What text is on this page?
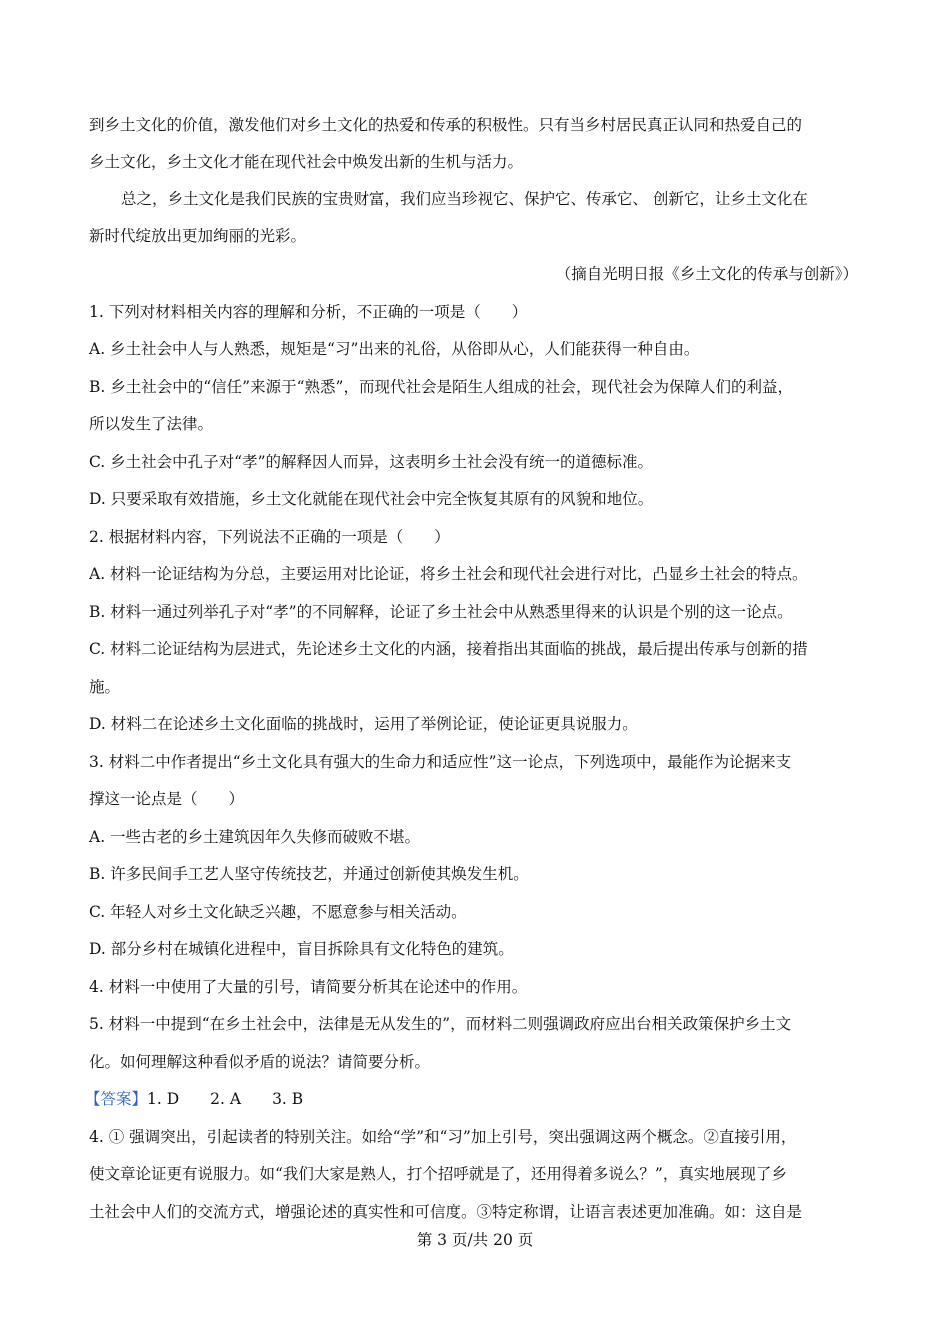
到乡土文化的价值，激发他们对乡土文化的热爱和传承的积极性。只有当乡村居民真正认同和热爱自己的
乡土文化，乡土文化才能在现代社会中焕发出新的生机与活力。
总之，乡土文化是我们民族的宝贵财富，我们应当珍视它、保护它、传承它、 创新它，让乡土文化在
新时代绽放出更加绚丽的光彩。
（摘自光明日报《乡土文化的传承与创新》）
1. 下列对材料相关内容的理解和分析，不正确的一项是（　　）
A. 乡土社会中人与人熟悉，规矩是“习”出来的礼俗，从俗即从心，人们能获得一种自由。
B. 乡土社会中的“信任”来源于“熟悉”，而现代社会是陌生人组成的社会，现代社会为保障人们的利益，
所以发生了法律。
C. 乡土社会中孔子对“孝”的解释因人而异，这表明乡土社会没有统一的道德标准。
D. 只要采取有效措施，乡土文化就能在现代社会中完全恢复其原有的风貌和地位。
2. 根据材料内容，下列说法不正确的一项是（　　）
A. 材料一论证结构为分总，主要运用对比论证，将乡土社会和现代社会进行对比，凸显乡土社会的特点。
B. 材料一通过列举孔子对“孝”的不同解释，论证了乡土社会中从熟悉里得来的认识是个别的这一论点。
C. 材料二论证结构为层进式，先论述乡土文化的内涵，接着指出其面临的挑战，最后提出传承与创新的措
施。
D. 材料二在论述乡土文化面临的挑战时，运用了举例论证，使论证更具说服力。
3. 材料二中作者提出“乡土文化具有强大的生命力和适应性”这一论点，下列选项中，最能作为论据来支
撑这一论点是（　　）
A. 一些古老的乡土建筑因年久失修而破败不堪。
B. 许多民间手工艺人坚守传统技艺，并通过创新使其焕发生机。
C. 年轻人对乡土文化缺乏兴趣，不愿意参与相关活动。
D. 部分乡村在城镇化进程中，盲目拆除具有文化特色的建筑。
4. 材料一中使用了大量的引号，请简要分析其在论述中的作用。
5. 材料一中提到“在乡土社会中，法律是无从发生的”，而材料二则强调政府应出台相关政策保护乡土文
化。如何理解这种看似矛盾的说法？请简要分析。
【答案】1. D　　2. A　　3. B
4. ① 强调突出，引起读者的特别关注。如给“学”和“习”加上引号，突出强调这两个概念。②直接引用，
使文章论证更有说服力。如“我们大家是熟人，打个招呼就是了，还用得着多说么？”，真实地展现了乡
土社会中人们的交流方式，增强论述的真实性和可信度。③特定称谓，让语言表述更加准确。如：这自是
第 3 页/共 20 页
